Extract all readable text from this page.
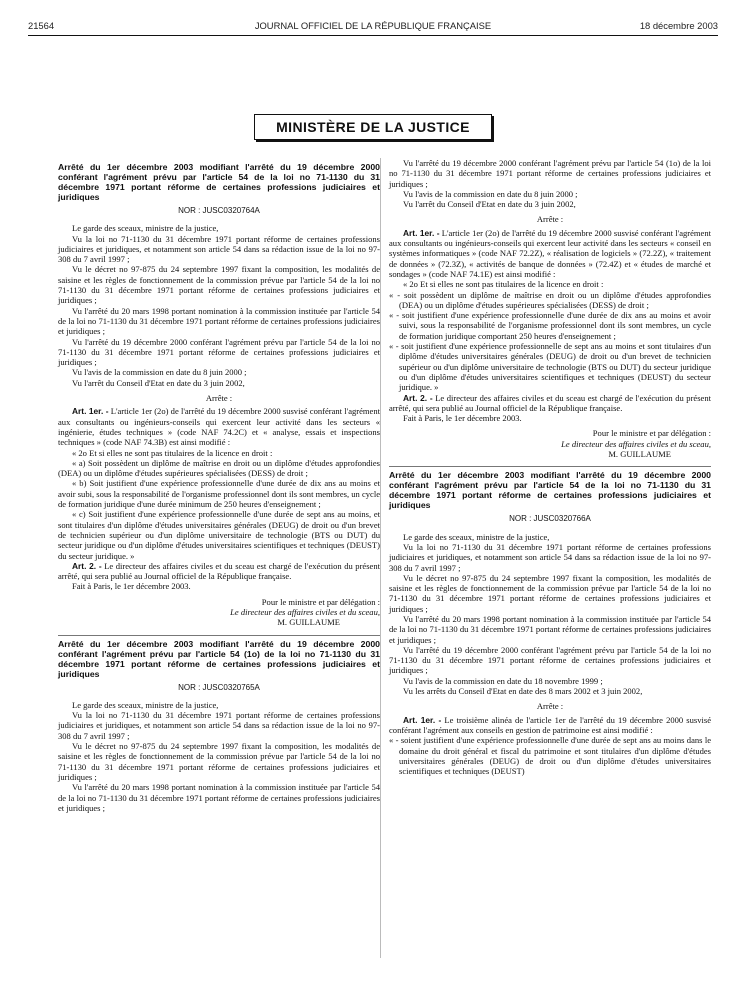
21564	JOURNAL OFFICIEL DE LA RÉPUBLIQUE FRANÇAISE	18 décembre 2003
MINISTÈRE DE LA JUSTICE

Arrêté du 1er décembre 2003 modifiant l'arrêté du 19 décembre 2000 conférant l'agrément prévu par l'article 54 de la loi no 71-1130 du 31 décembre 1971 portant réforme de certaines professions judiciaires et juridiques

NOR : JUSC0320764A

Le garde des sceaux, ministre de la justice,

Vu la loi no 71-1130 du 31 décembre 1971 portant réforme de certaines professions judiciaires et juridiques, et notamment son article 54 dans sa rédaction issue de la loi no 97-308 du 7 avril 1997 ;

Vu le décret no 97-875 du 24 septembre 1997 fixant la composition, les modalités de saisine et les règles de fonctionnement de la commission prévue par l'article 54 de la loi no 71-1130 du 31 décembre 1971 portant réforme de certaines professions judiciaires et juridiques ;

Vu l'arrêté du 20 mars 1998 portant nomination à la commission instituée par l'article 54 de la loi no 71-1130 du 31 décembre 1971 portant réforme de certaines professions judiciaires et juridiques ;

Vu l'arrêté du 19 décembre 2000 conférant l'agrément prévu par l'article 54 de la loi no 71-1130 du 31 décembre 1971 portant réforme de certaines professions judiciaires et juridiques ;

Vu l'avis de la commission en date du 8 juin 2000 ;

Vu l'arrêt du Conseil d'Etat en date du 3 juin 2002,

Arrête :

Art. 1er. - L'article 1er (2o) de l'arrêté du 19 décembre 2000 susvisé conférant l'agrément aux consultants ou ingénieurs-conseils qui exercent leur activité dans les secteurs « ingénierie, études techniques » (code NAF 74.2C) et « analyse, essais et inspections techniques » (code NAF 74.3B) est ainsi modifié :

« 2o Et si elles ne sont pas titulaires de la licence en droit :

« a) Soit possèdent un diplôme de maîtrise en droit ou un diplôme d'études approfondies (DEA) ou un diplôme d'études supérieures spécialisées (DESS) de droit ;

« b) Soit justifient d'une expérience professionnelle d'une durée de dix ans au moins et avoir subi, sous la responsabilité de l'organisme professionnel dont ils sont membres, un cycle de formation juridique d'une durée minimum de 250 heures d'enseignement ;

« c) Soit justifient d'une expérience professionnelle d'une durée de sept ans au moins, et sont titulaires d'un diplôme d'études universitaires générales (DEUG) de droit ou d'un brevet de technicien supérieur ou d'un diplôme universitaire de technologie (BTS ou DUT) du secteur juridique ou d'un diplôme d'études universitaires scientifiques et techniques (DEUST) du secteur juridique. »

Art. 2. - Le directeur des affaires civiles et du sceau est chargé de l'exécution du présent arrêté, qui sera publié au Journal officiel de la République française.

Fait à Paris, le 1er décembre 2003.

Pour le ministre et par délégation :

Le directeur des affaires civiles et du sceau,

M. GUILLAUME

Arrêté du 1er décembre 2003 modifiant l'arrêté du 19 décembre 2000 conférant l'agrément prévu par l'article 54 (1o) de la loi no 71-1130 du 31 décembre 1971 portant réforme de certaines professions judiciaires et juridiques

NOR : JUSC0320765A

Le garde des sceaux, ministre de la justice,

Vu la loi no 71-1130 du 31 décembre 1971 portant réforme de certaines professions judiciaires et juridiques, et notamment son article 54 dans sa rédaction issue de la loi no 97-308 du 7 avril 1997 ;

Vu le décret no 97-875 du 24 septembre 1997 fixant la composition, les modalités de saisine et les règles de fonctionnement de la commission prévue par l'article 54 de la loi no 71-1130 du 31 décembre 1971 portant réforme de certaines professions judiciaires et juridiques ;

Vu l'arrêté du 20 mars 1998 portant nomination à la commission instituée par l'article 54 de la loi no 71-1130 du 31 décembre 1971 portant réforme de certaines professions judiciaires et juridiques ;

Vu l'arrêté du 19 décembre 2000 conférant l'agrément prévu par l'article 54 (1o) de la loi no 71-1130 du 31 décembre 1971 portant réforme de certaines professions judiciaires et juridiques ;

Vu l'avis de la commission en date du 8 juin 2000 ;

Vu l'arrêt du Conseil d'Etat en date du 3 juin 2002,

Arrête :

Art. 1er. - L'article 1er (2o) de l'arrêté du 19 décembre 2000 susvisé conférant l'agrément aux consultants ou ingénieurs-conseils qui exercent leur activité dans les secteurs « conseil en systèmes informatiques » (code NAF 72.2Z), « réalisation de logiciels » (72.2Z), « traitement de données » (72.3Z), « activités de banque de données » (72.4Z) et « études de marché et sondages » (code NAF 74.1E) est ainsi modifié :

« 2o Et si elles ne sont pas titulaires de la licence en droit :

« - soit possèdent un diplôme de maîtrise en droit ou un diplôme d'études approfondies (DEA) ou un diplôme d'études supérieures spécialisées (DESS) de droit ;

« - soit justifient d'une expérience professionnelle d'une durée de dix ans au moins et avoir suivi, sous la responsabilité de l'organisme professionnel dont ils sont membres, un cycle de formation juridique comportant 250 heures d'enseignement ;

« - soit justifient d'une expérience professionnelle de sept ans au moins et sont titulaires d'un diplôme d'études universitaires générales (DEUG) de droit ou d'un brevet de technicien supérieur ou d'un diplôme universitaire de technologie (BTS ou DUT) du secteur juridique ou d'un diplôme d'études universitaires scientifiques et techniques (DEUST) du secteur juridique. »

Art. 2. - Le directeur des affaires civiles et du sceau est chargé de l'exécution du présent arrêté, qui sera publié au Journal officiel de la République française.

Fait à Paris, le 1er décembre 2003.

Pour le ministre et par délégation :

Le directeur des affaires civiles et du sceau,

M. GUILLAUME

Arrêté du 1er décembre 2003 modifiant l'arrêté du 19 décembre 2000 conférant l'agrément prévu par l'article 54 de la loi no 71-1130 du 31 décembre 1971 portant réforme de certaines professions judiciaires et juridiques

NOR : JUSC0320766A

Le garde des sceaux, ministre de la justice,

Vu la loi no 71-1130 du 31 décembre 1971 portant réforme de certaines professions judiciaires et juridiques, et notamment son article 54 dans sa rédaction issue de la loi no 97-308 du 7 avril 1997 ;

Vu le décret no 97-875 du 24 septembre 1997 fixant la composition, les modalités de saisine et les règles de fonctionnement de la commission prévue par l'article 54 de la loi no 71-1130 du 31 décembre 1971 portant réforme de certaines professions judiciaires et juridiques ;

Vu l'arrêté du 20 mars 1998 portant nomination à la commission instituée par l'article 54 de la loi no 71-1130 du 31 décembre 1971 portant réforme de certaines professions judiciaires et juridiques ;

Vu l'arrêté du 19 décembre 2000 conférant l'agrément prévu par l'article 54 de la loi no 71-1130 du 31 décembre 1971 portant réforme de certaines professions judiciaires et juridiques ;

Vu l'avis de la commission en date du 18 novembre 1999 ;

Vu les arrêts du Conseil d'Etat en date des 8 mars 2002 et 3 juin 2002,

Arrête :

Art. 1er. - Le troisième alinéa de l'article 1er de l'arrêté du 19 décembre 2000 susvisé conférant l'agrément aux conseils en gestion de patrimoine est ainsi modifié :

« - soient justifient d'une expérience professionnelle d'une durée de sept ans au moins dans le domaine du droit général et fiscal du patrimoine et sont titulaires d'un diplôme d'études universitaires générales (DEUG) de droit ou d'un diplôme d'études universitaires scientifiques et techniques (DEUST)
